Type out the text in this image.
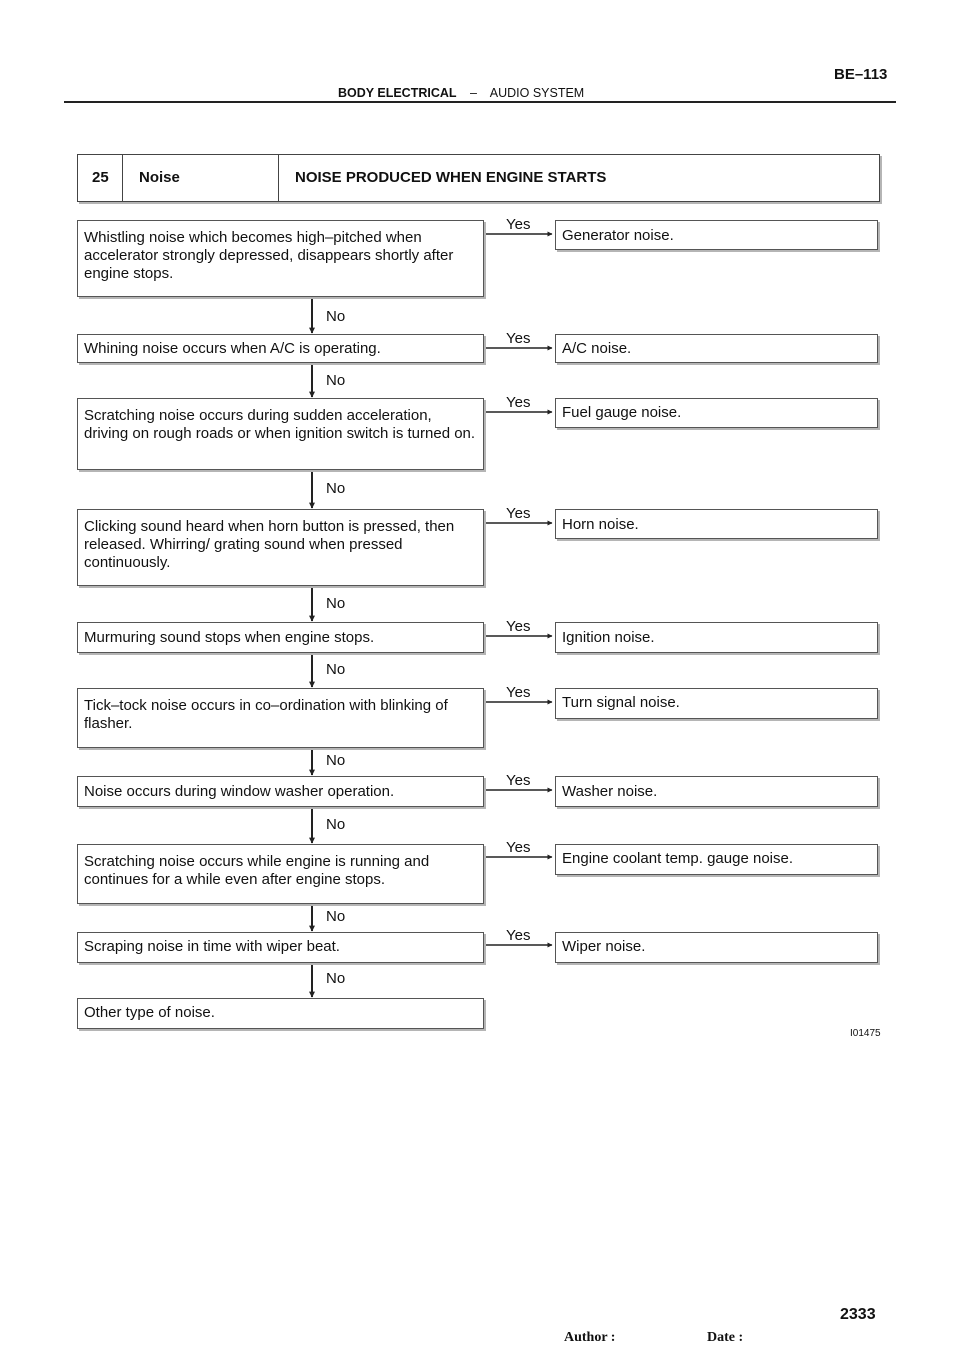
BE–113
BODY ELECTRICAL – AUDIO SYSTEM
25 Noise	NOISE PRODUCED WHEN ENGINE STARTS
Whistling noise which becomes high–pitched when accelerator strongly depressed, disappears shortly after engine stops.
Whining noise occurs when A/C is operating.
Scratching noise occurs during sudden acceleration, driving on rough roads or when ignition switch is turned on.
Clicking sound heard when horn button is pressed, then released. Whirring/ grating sound when pressed continuously.
Murmuring sound stops when engine stops.
Tick–tock noise occurs in co–ordination with blinking of flasher.
Noise occurs during window washer operation.
Scratching noise occurs while engine is running and continues for a while even after engine stops.
Scraping noise in time with wiper beat.
Other type of noise.
Generator noise.
A/C noise.
Fuel gauge noise.
Horn noise.
Ignition noise.
Turn signal noise.
Washer noise.
Engine coolant temp. gauge noise.
Wiper noise.
Yes
Yes
Yes
Yes
Yes
Yes
Yes
Yes
Yes
No
No
No
No
No
No
No
No
No
I01475
2333
Author :	Date :
